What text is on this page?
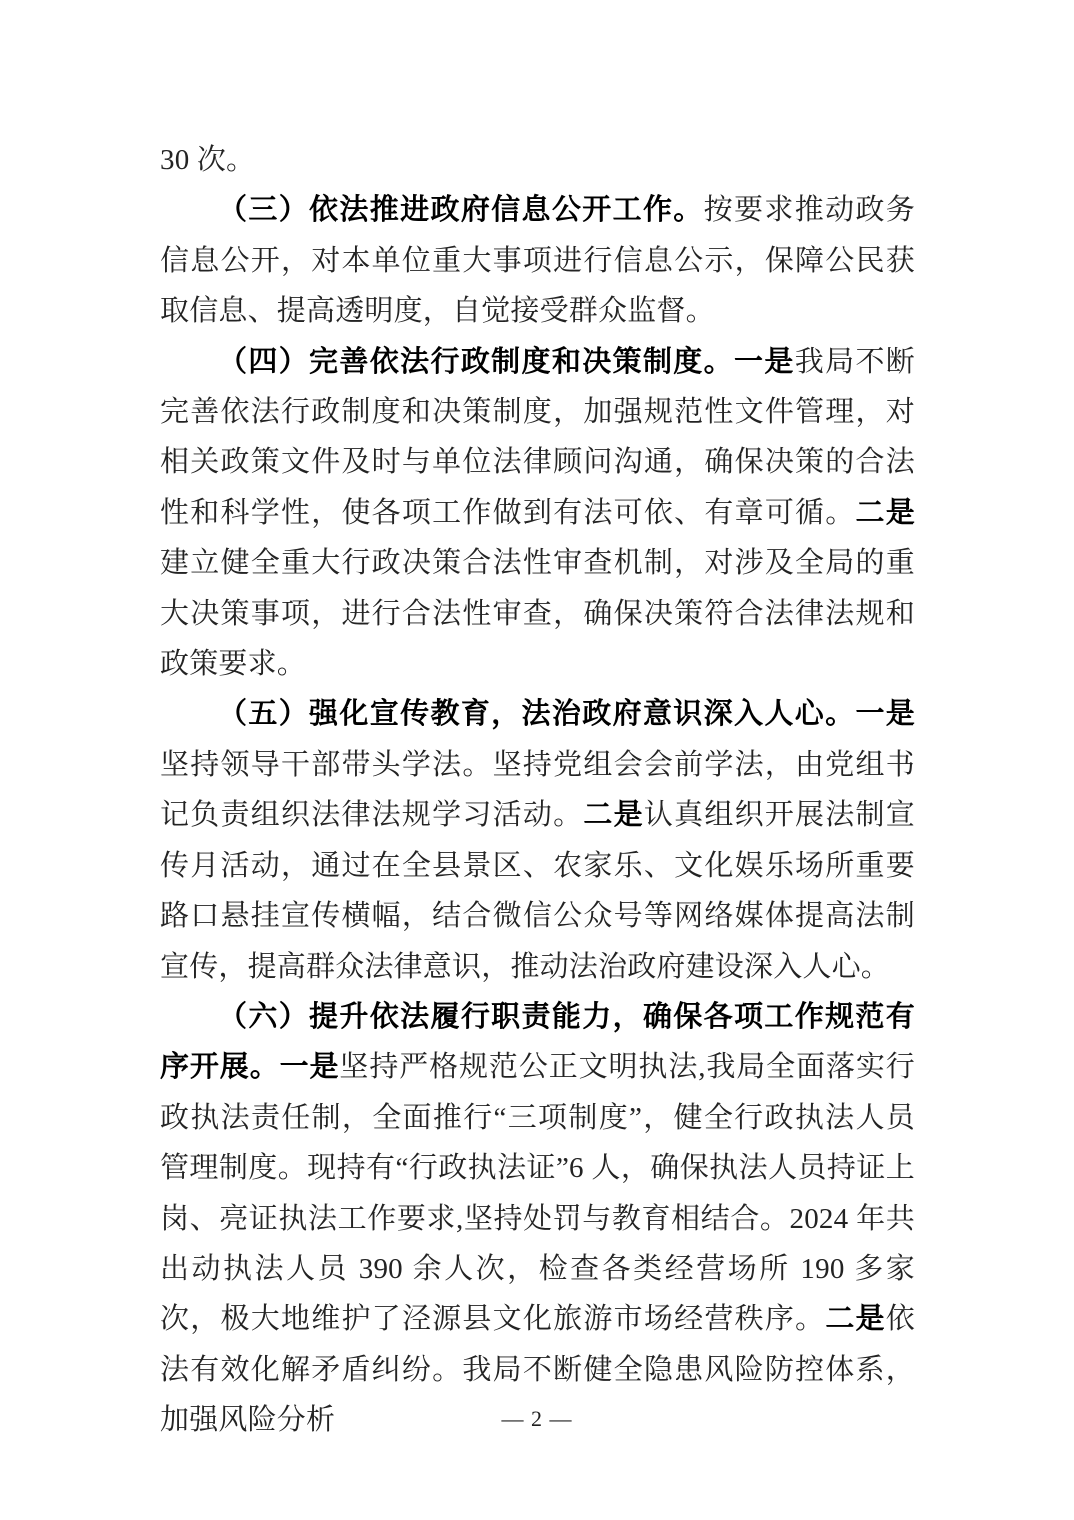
30 次。

（三）依法推进政府信息公开工作。按要求推动政务信息公开，对本单位重大事项进行信息公示，保障公民获取信息、提高透明度，自觉接受群众监督。

（四）完善依法行政制度和决策制度。一是我局不断完善依法行政制度和决策制度，加强规范性文件管理，对相关政策文件及时与单位法律顾问沟通，确保决策的合法性和科学性，使各项工作做到有法可依、有章可循。二是建立健全重大行政决策合法性审查机制，对涉及全局的重大决策事项，进行合法性审查，确保决策符合法律法规和政策要求。

（五）强化宣传教育，法治政府意识深入人心。一是坚持领导干部带头学法。坚持党组会会前学法，由党组书记负责组织法律法规学习活动。二是认真组织开展法制宣传月活动，通过在全县景区、农家乐、文化娱乐场所重要路口悬挂宣传横幅，结合微信公众号等网络媒体提高法制宣传，提高群众法律意识，推动法治政府建设深入人心。

（六）提升依法履行职责能力，确保各项工作规范有序开展。一是坚持严格规范公正文明执法,我局全面落实行政执法责任制，全面推行“三项制度”，健全行政执法人员管理制度。现持有“行政执法证”6 人，确保执法人员持证上岗、亮证执法工作要求,坚持处罚与教育相结合。2024 年共出动执法人员 390 余人次，检查各类经营场所 190 多家次，极大地维护了泾源县文化旅游市场经营秩序。二是依法有效化解矛盾纠纷。我局不断健全隐患风险防控体系，加强风险分析	— 2 —
